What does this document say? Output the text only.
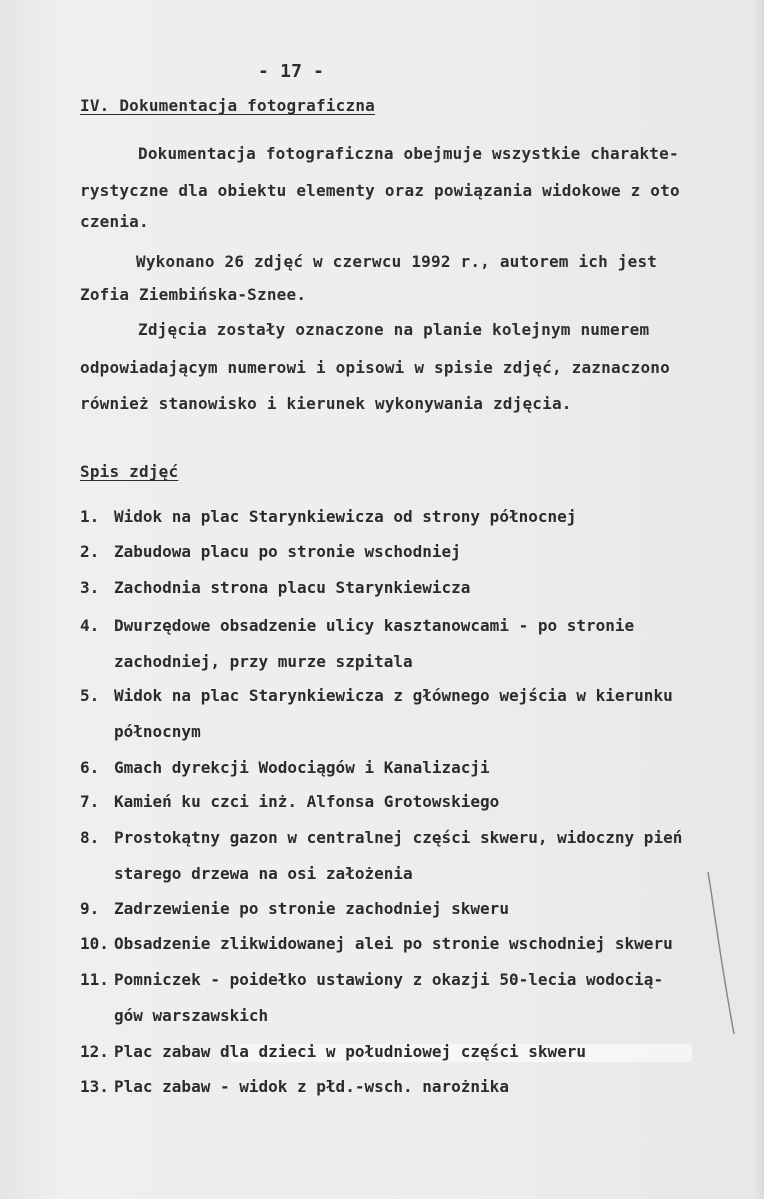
- 17 -
IV. Dokumentacja fotograficzna
Dokumentacja fotograficzna obejmuje wszystkie charakte-
rystyczne dla obiektu elementy oraz powiązania widokowe z oto
czenia.
Wykonano 26 zdjęć w czerwcu 1992 r., autorem ich jest
Zofia Ziembińska-Sznee.
Zdjęcia zostały oznaczone na planie kolejnym numerem
odpowiadającym numerowi i opisowi w spisie zdjęć, zaznaczono
również stanowisko i kierunek wykonywania zdjęcia.
Spis zdjęć
1. Widok na plac Starynkiewicza od strony północnej
2. Zabudowa placu po stronie wschodniej
3. Zachodnia strona placu Starynkiewicza
4. Dwurzędowe obsadzenie ulicy kasztanowcami - po stronie
zachodniej, przy murze szpitala
5. Widok na plac Starynkiewicza z głównego wejścia w kierunku
północnym
6. Gmach dyrekcji Wodociągów i Kanalizacji
7. Kamień ku czci inż. Alfonsa Grotowskiego
8. Prostokątny gazon w centralnej części skweru, widoczny pień
starego drzewa na osi założenia
9. Zadrzewienie po stronie zachodniej skweru
10. Obsadzenie zlikwidowanej alei po stronie wschodniej skweru
11. Pomniczek - poidełko ustawiony z okazji 50-lecia wodocią-
gów warszawskich
12. Plac zabaw dla dzieci w południowej części skweru
13. Plac zabaw - widok z płd.-wsch. narożnika
